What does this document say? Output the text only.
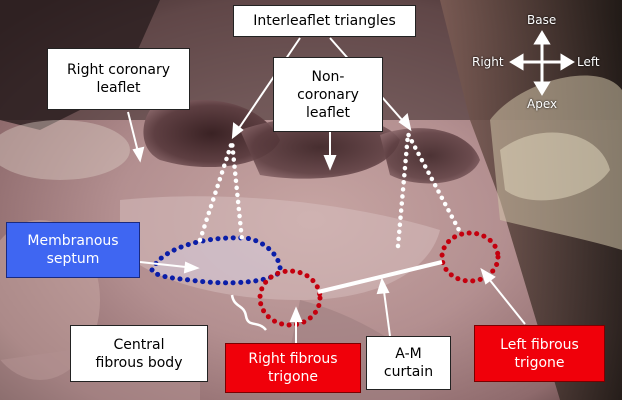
Interleaflet triangles
Right coronary
leaflet
Non-
coronary
leaflet
Membranous
septum
Central
fibrous body	Right fibrous
trigone
A-M
curtain
Left fibrous
trigone
Base
Apex
Right	Left
